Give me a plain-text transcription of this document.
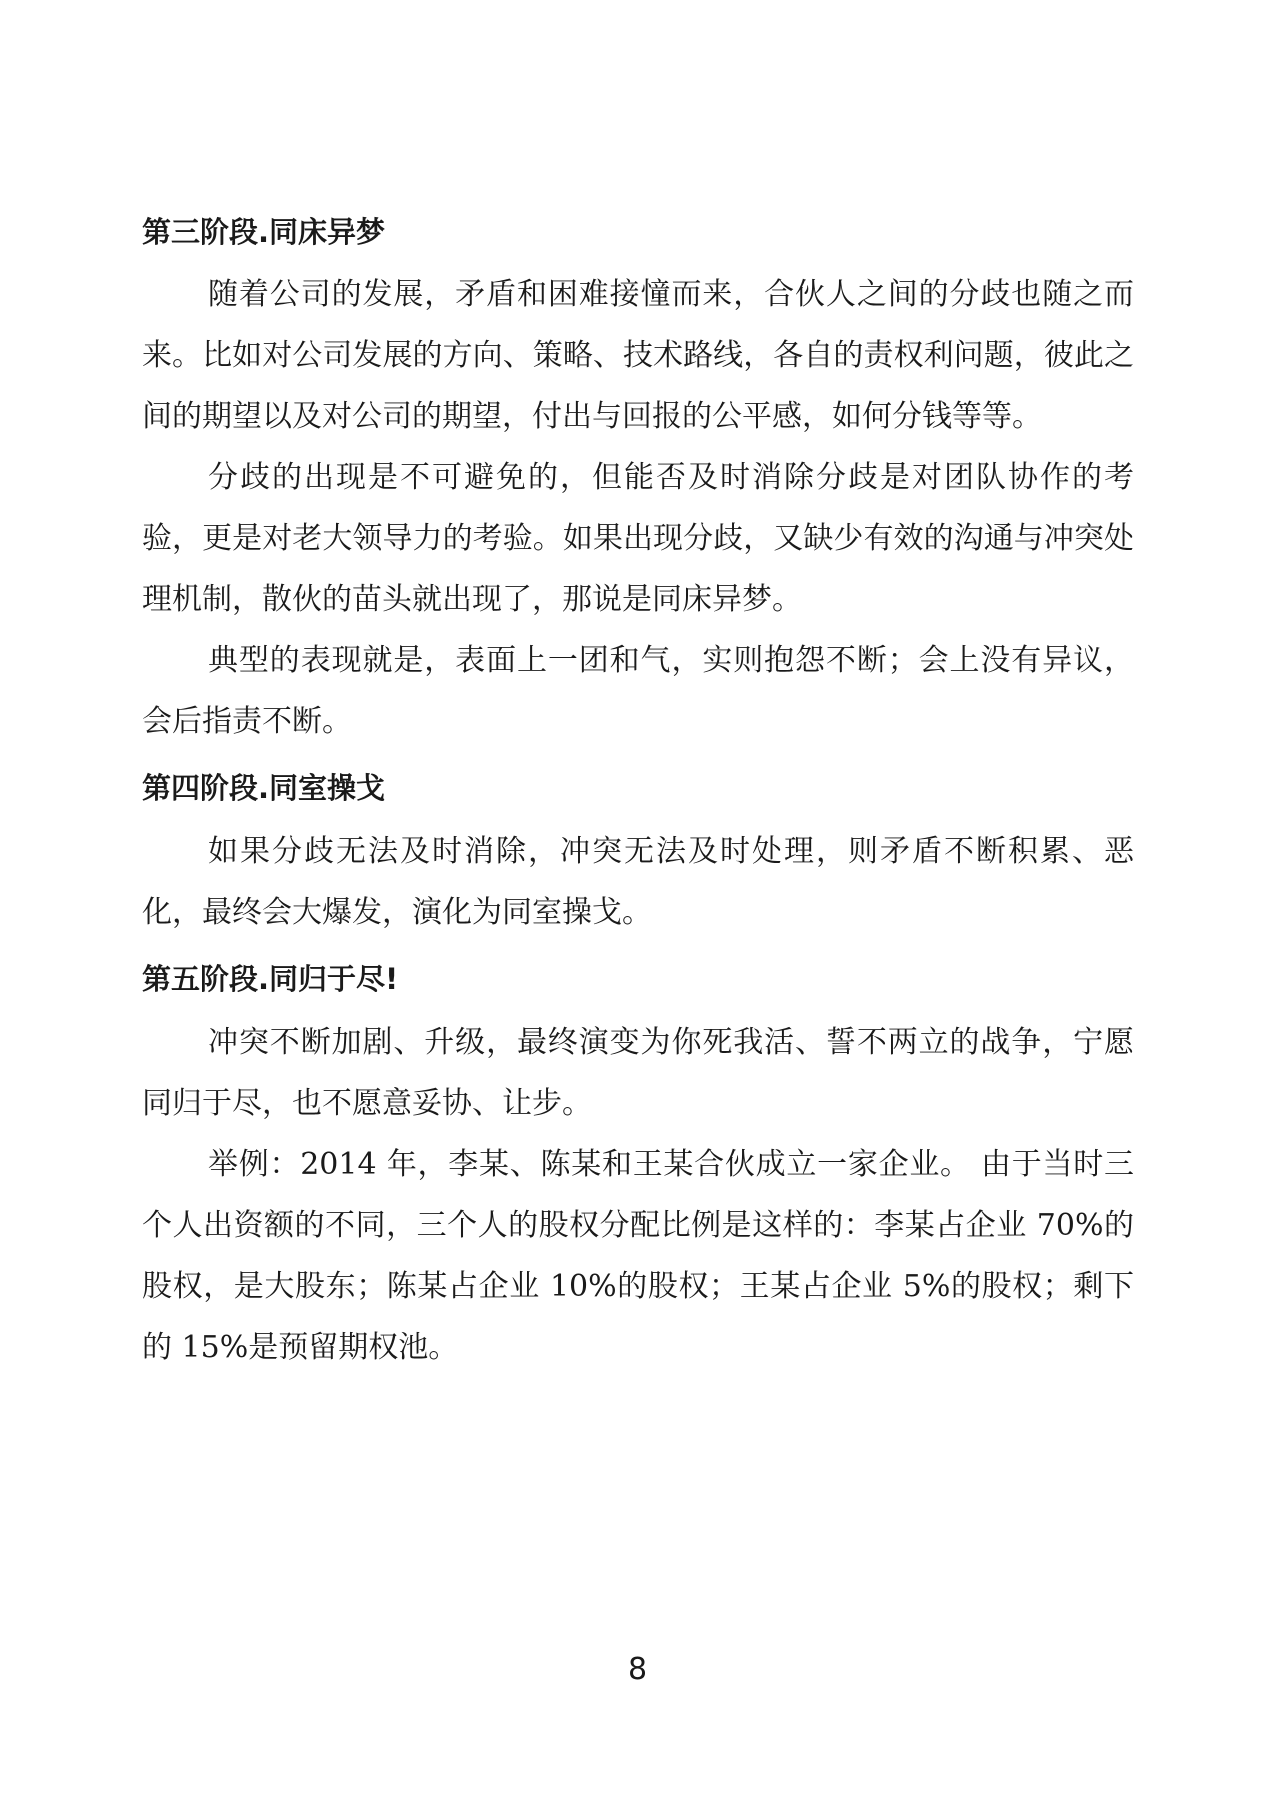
第三阶段.同床异梦

随着公司的发展，矛盾和困难接憧而来，合伙人之间的分歧也随之而来。比如对公司发展的方向、策略、技术路线，各自的责权利问题，彼此之间的期望以及对公司的期望，付出与回报的公平感，如何分钱等等。

分歧的出现是不可避免的，但能否及时消除分歧是对团队协作的考验，更是对老大领导力的考验。如果出现分歧，又缺少有效的沟通与冲突处理机制，散伙的苗头就出现了，那说是同床异梦。

典型的表现就是，表面上一团和气，实则抱怨不断；会上没有异议，会后指责不断。

第四阶段.同室操戈

如果分歧无法及时消除，冲突无法及时处理，则矛盾不断积累、恶化，最终会大爆发，演化为同室操戈。

第五阶段.同归于尽!

冲突不断加剧、升级，最终演变为你死我活、誓不两立的战争，宁愿同归于尽，也不愿意妥协、让步。

举例：2014 年，李某、陈某和王某合伙成立一家企业。 由于当时三个人出资额的不同，三个人的股权分配比例是这样的：李某占企业 70%的股权，是大股东；陈某占企业 10%的股权；王某占企业 5%的股权；剩下的 15%是预留期权池。

8
